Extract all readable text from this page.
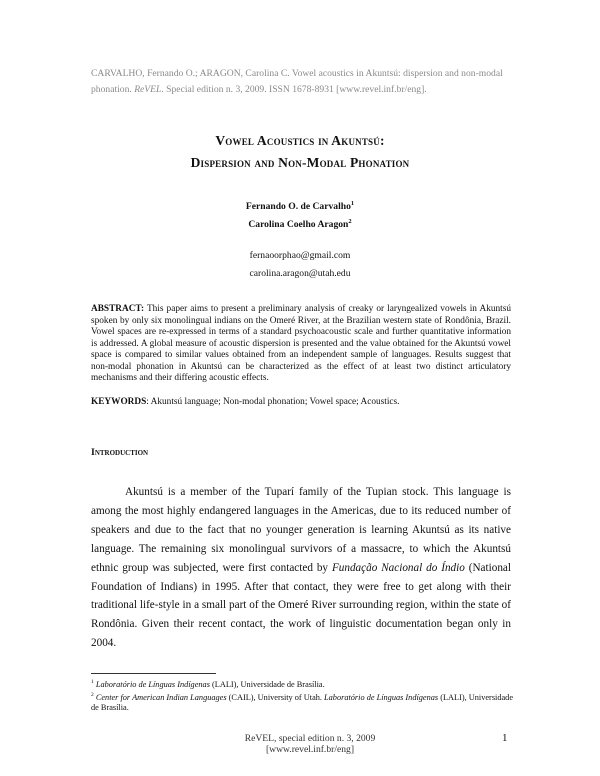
CARVALHO, Fernando O.; ARAGON, Carolina C. Vowel acoustics in Akuntsú: dispersion and non-modal
phonation. ReVEL. Special edition n. 3, 2009. ISSN 1678-8931 [www.revel.inf.br/eng].
Vowel Acoustics in Akuntsú:
Dispersion and Non-Modal Phonation
Fernando O. de Carvalho$^1$
Carolina Coelho Aragon$^2$
fernaoorphao@gmail.com
carolina.aragon@utah.edu
ABSTRACT: This paper aims to present a preliminary analysis of creaky or laryngealized vowels in Akuntsú spoken by only six monolingual indians on the Omeré River, at the Brazilian western state of Rondônia, Brazil. Vowel spaces are re-expressed in terms of a standard psychoacoustic scale and further quantitative information is addressed. A global measure of acoustic dispersion is presented and the value obtained for the Akuntsú vowel space is compared to similar values obtained from an independent sample of languages. Results suggest that non-modal phonation in Akuntsú can be characterized as the effect of at least two distinct articulatory mechanisms and their differing acoustic effects.
KEYWORDS: Akuntsú language; Non-modal phonation; Vowel space; Acoustics.
Introduction
Akuntsú is a member of the Tuparí family of the Tupian stock. This language is among the most highly endangered languages in the Americas, due to its reduced number of speakers and due to the fact that no younger generation is learning Akuntsú as its native language. The remaining six monolingual survivors of a massacre, to which the Akuntsú ethnic group was subjected, were first contacted by Fundação Nacional do Índio (National Foundation of Indians) in 1995. After that contact, they were free to get along with their traditional life-style in a small part of the Omeré River surrounding region, within the state of Rondônia. Given their recent contact, the work of linguistic documentation began only in 2004.
$^1$ Laboratório de Línguas Indígenas (LALI), Universidade de Brasília.
$^2$ Center for American Indian Languages (CAIL), University of Utah. Laboratório de Línguas Indígenas (LALI), Universidade de Brasília.
ReVEL, special edition n. 3, 2009 [www.revel.inf.br/eng]
1
